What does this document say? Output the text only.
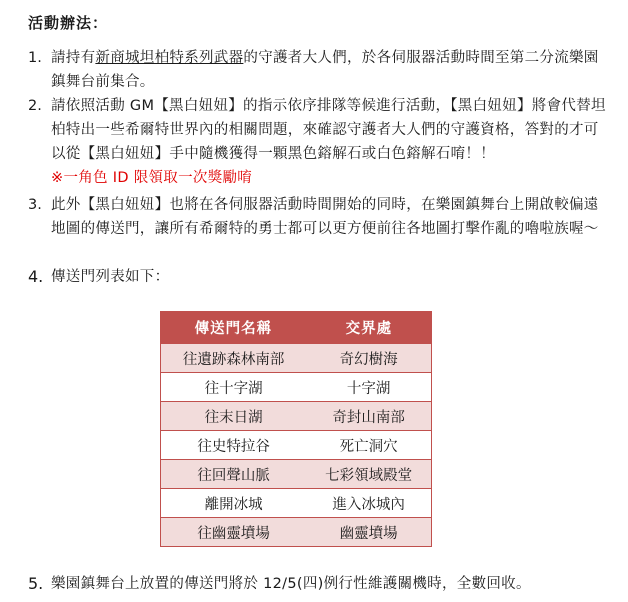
活動辦法：
1. 請持有新商城坦柏特系列武器的守護者大人們，於各伺服器活動時間至第二分流樂園鎮舞台前集合。
2. 請依照活動 GM【黑白妞妞】的指示依序排隊等候進行活動，【黑白妞妞】將會代替坦柏特出一些希爾特世界內的相關問題，來確認守護者大人們的守護資格，答對的才可以從【黑白妞妞】手中隨機獲得一顆黑色鎔解石或白色鎔解石唷！！
※一角色 ID 限領取一次獎勵唷
3. 此外【黑白妞妞】也將在各伺服器活動時間開始的同時，在樂園鎮舞台上開啟較偏遠地圖的傳送門，讓所有希爾特的勇士都可以更方便前往各地圖打擊作亂的嚕啦族喔～
4. 傳送門列表如下：
傳送門名稱	交界處
往遺跡森林南部	奇幻樹海
往十字湖	十字湖
往末日湖	奇封山南部
往史特拉谷	死亡洞穴
往回聲山脈	七彩領域殿堂
離開冰城	進入冰城內
往幽靈墳場	幽靈墳場
5. 樂園鎮舞台上放置的傳送門將於 12/5(四)例行性維護關機時，全數回收。
